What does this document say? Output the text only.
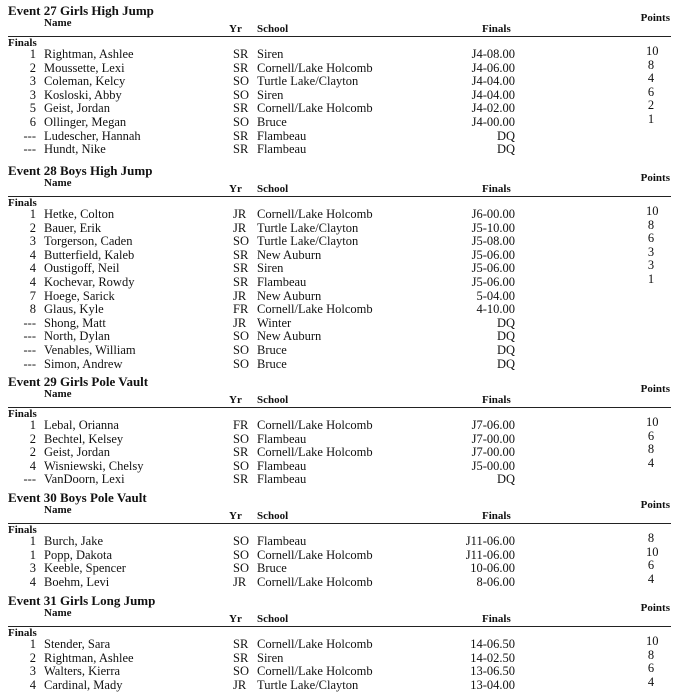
Event 27 Girls High Jump
Name	Yr School	Finals
Points
Finals
1 Rightman, Ashlee	SR Siren	J4-08.00	10
2 Moussette, Lexi	SR Cornell/Lake Holcomb	J4-06.00	8
3 Coleman, Kelcy	SO Turtle Lake/Clayton	J4-04.00	4
3 Kosloski, Abby	SO Siren	J4-04.00	6
5 Geist, Jordan	SR Cornell/Lake Holcomb	J4-02.00	2
6 Ollinger, Megan	SO Bruce	J4-00.00	1
--- Ludescher, Hannah	SR Flambeau	DQ
--- Hundt, Nike	SR Flambeau	DQ
Event 28 Boys High Jump
Name	Yr School	Finals
Points
Finals
1 Hetke, Colton	JR Cornell/Lake Holcomb	J6-00.00	10
2 Bauer, Erik	JR Turtle Lake/Clayton	J5-10.00	8
3 Torgerson, Caden	SO Turtle Lake/Clayton	J5-08.00	6
4 Butterfield, Kaleb	SR New Auburn	J5-06.00	3
4 Oustigoff, Neil	SR Siren	J5-06.00	3
4 Kochevar, Rowdy	SR Flambeau	J5-06.00	1
7 Hoege, Sarick	JR New Auburn	5-04.00
8 Glaus, Kyle	FR Cornell/Lake Holcomb	4-10.00
--- Shong, Matt	JR Winter	DQ
--- North, Dylan	SO New Auburn	DQ
--- Venables, William	SO Bruce	DQ
--- Simon, Andrew	SO Bruce	DQ
Event 29 Girls Pole Vault
Name	Yr School	Finals
Points
Finals
1 Lebal, Orianna	FR Cornell/Lake Holcomb	J7-06.00	10
2 Bechtel, Kelsey	SO Flambeau	J7-00.00	6
2 Geist, Jordan	SR Cornell/Lake Holcomb	J7-00.00	8
4 Wisniewski, Chelsy	SO Flambeau	J5-00.00	4
--- VanDoorn, Lexi	SR Flambeau	DQ
Event 30 Boys Pole Vault
Name	Yr School	Finals
Points
Finals
1 Burch, Jake	SO Flambeau	J11-06.00	8
1 Popp, Dakota	SO Cornell/Lake Holcomb	J11-06.00	10
3 Keeble, Spencer	SO Bruce	10-06.00	6
4 Boehm, Levi	JR Cornell/Lake Holcomb	8-06.00	4
Event 31 Girls Long Jump
Name	Yr School	Finals
Points
Finals
1 Stender, Sara	SR Cornell/Lake Holcomb	14-06.50	10
2 Rightman, Ashlee	SR Siren	14-02.50	8
3 Walters, Kierra	SO Cornell/Lake Holcomb	13-06.50	6
4 Cardinal, Mady	JR Turtle Lake/Clayton	13-04.00	4
